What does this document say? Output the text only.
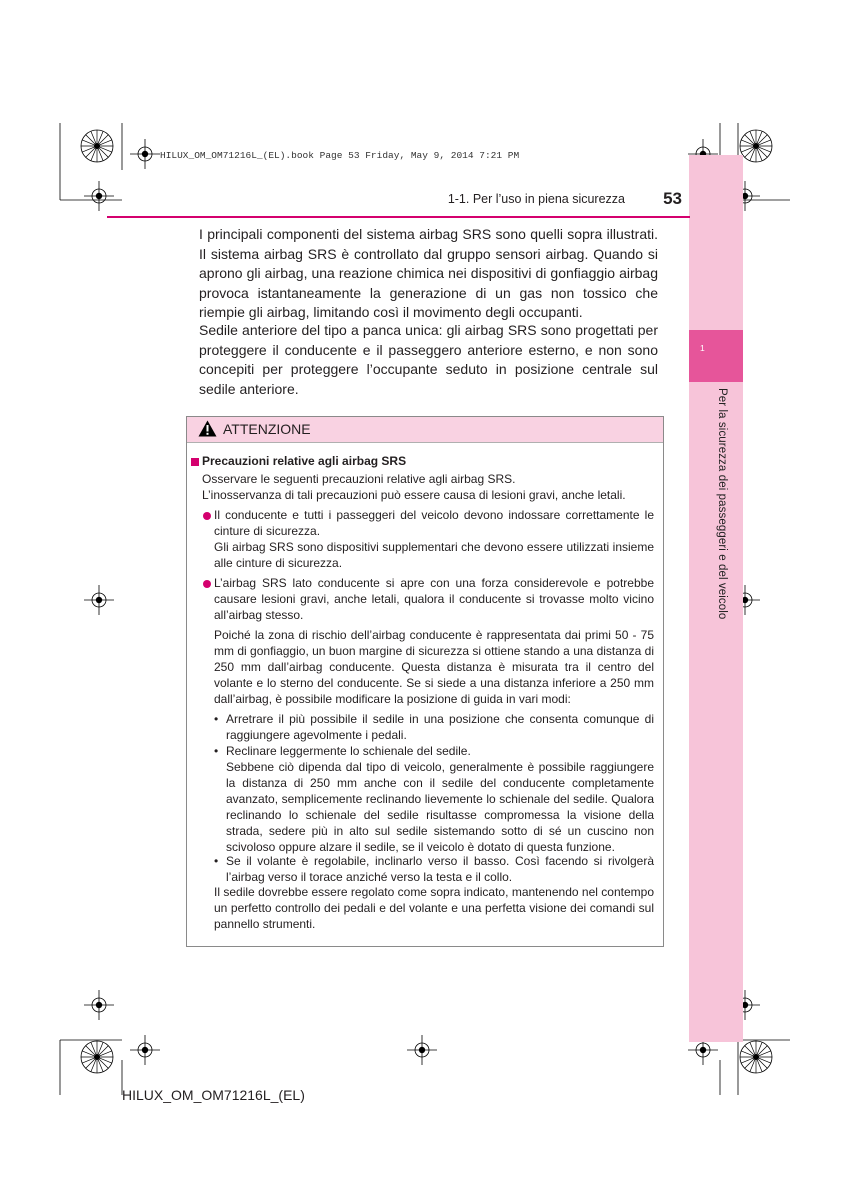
1
Per la sicurezza dei passeggeri e del veicolo
HILUX_OM_OM71216L_(EL).book Page 53 Friday, May 9, 2014 7:21 PM
1-1. Per l’uso in piena sicurezza	53

I principali componenti del sistema airbag SRS sono quelli sopra illustrati. Il sistema airbag SRS è controllato dal gruppo sensori airbag. Quando si aprono gli airbag, una reazione chimica nei dispositivi di gonfiaggio airbag provoca istantaneamente la generazione di un gas non tossico che riempie gli airbag, limitando così il movimento degli occupanti.

Sedile anteriore del tipo a panca unica: gli airbag SRS sono progettati per proteggere il conducente e il passeggero anteriore esterno, e non sono concepiti per proteggere l’occupante seduto in posizione centrale sul sedile anteriore.

ATTENZIONE
Precauzioni relative agli airbag SRS

Osservare le seguenti precauzioni relative agli airbag SRS.

L’inosservanza di tali precauzioni può essere causa di lesioni gravi, anche letali.

Il conducente e tutti i passeggeri del veicolo devono indossare correttamente le cinture di sicurezza.

Gli airbag SRS sono dispositivi supplementari che devono essere utilizzati insieme alle cinture di sicurezza.

L’airbag SRS lato conducente si apre con una forza considerevole e potrebbe causare lesioni gravi, anche letali, qualora il conducente si trovasse molto vicino all’airbag stesso.

Poiché la zona di rischio dell’airbag conducente è rappresentata dai primi 50 - 75 mm di gonfiaggio, un buon margine di sicurezza si ottiene stando a una distanza di 250 mm dall’airbag conducente. Questa distanza è misurata tra il centro del volante e lo sterno del conducente. Se si siede a una distanza inferiore a 250 mm dall’airbag, è possibile modificare la posizione di guida in vari modi:

• Arretrare il più possibile il sedile in una posizione che consenta comunque di raggiungere agevolmente i pedali.

• Reclinare leggermente lo schienale del sedile.

Sebbene ciò dipenda dal tipo di veicolo, generalmente è possibile raggiungere la distanza di 250 mm anche con il sedile del conducente completamente avanzato, semplicemente reclinando lievemente lo schienale del sedile. Qualora reclinando lo schienale del sedile risultasse compromessa la visione della strada, sedere più in alto sul sedile sistemando sotto di sé un cuscino non scivoloso oppure alzare il sedile, se il veicolo è dotato di questa funzione.

• Se il volante è regolabile, inclinarlo verso il basso. Così facendo si rivolgerà l’airbag verso il torace anziché verso la testa e il collo.

Il sedile dovrebbe essere regolato come sopra indicato, mantenendo nel contempo un perfetto controllo dei pedali e del volante e una perfetta visione dei comandi sul pannello strumenti.

HILUX_OM_OM71216L_(EL)
